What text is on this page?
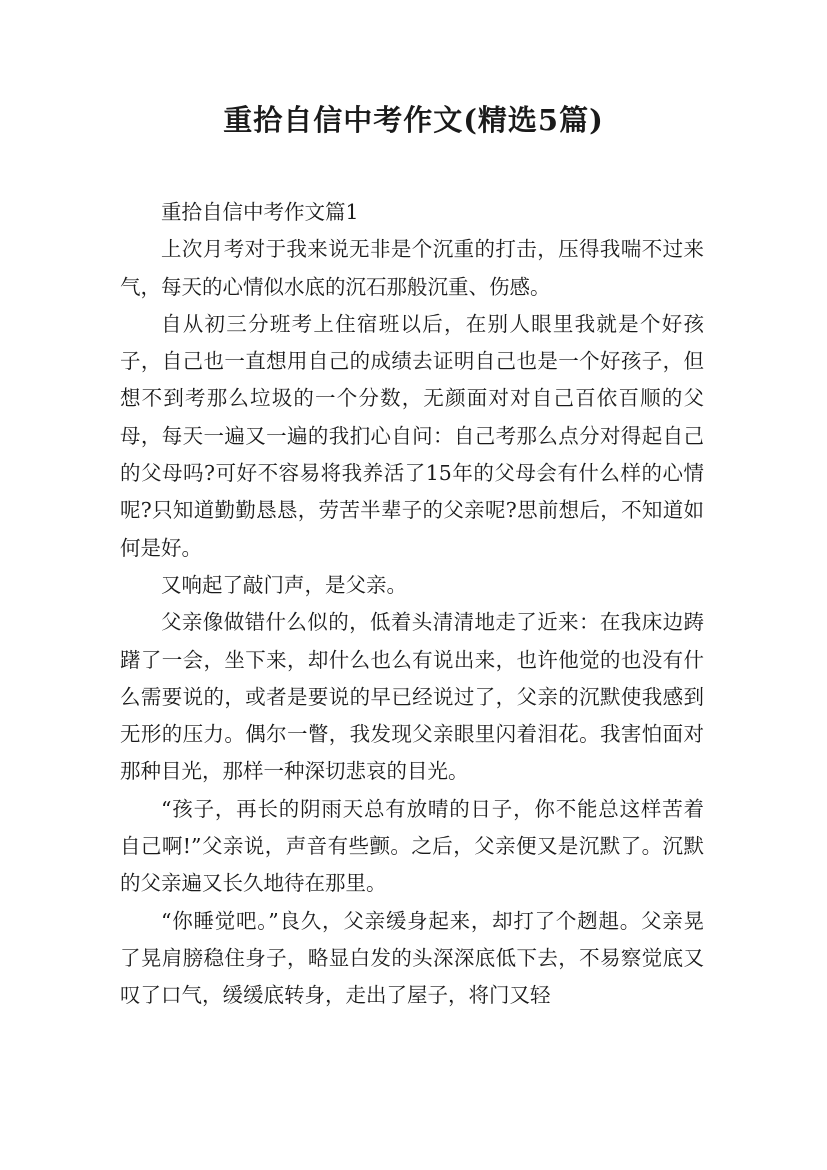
重拾自信中考作文(精选5篇)

重拾自信中考作文篇1

上次月考对于我来说无非是个沉重的打击，压得我喘不过来气，每天的心情似水底的沉石那般沉重、伤感。

自从初三分班考上住宿班以后，在别人眼里我就是个好孩子，自己也一直想用自己的成绩去证明自己也是一个好孩子，但想不到考那么垃圾的一个分数，无颜面对对自己百依百顺的父母，每天一遍又一遍的我扪心自问：自己考那么点分对得起自己的父母吗?可好不容易将我养活了15年的父母会有什么样的心情呢?只知道勤勤恳恳，劳苦半辈子的父亲呢?思前想后，不知道如何是好。

又响起了敲门声，是父亲。

父亲像做错什么似的，低着头清清地走了近来：在我床边踌躇了一会，坐下来，却什么也么有说出来，也许他觉的也没有什么需要说的，或者是要说的早已经说过了，父亲的沉默使我感到无形的压力。偶尔一瞥，我发现父亲眼里闪着泪花。我害怕面对那种目光，那样一种深切悲哀的目光。

“孩子，再长的阴雨天总有放晴的日子，你不能总这样苦着自己啊!”父亲说，声音有些颤。之后，父亲便又是沉默了。沉默的父亲遍又长久地待在那里。

“你睡觉吧。”良久，父亲缓身起来，却打了个趔趄。父亲晃了晃肩膀稳住身子，略显白发的头深深底低下去，不易察觉底又叹了口气，缓缓底转身，走出了屋子，将门又轻
